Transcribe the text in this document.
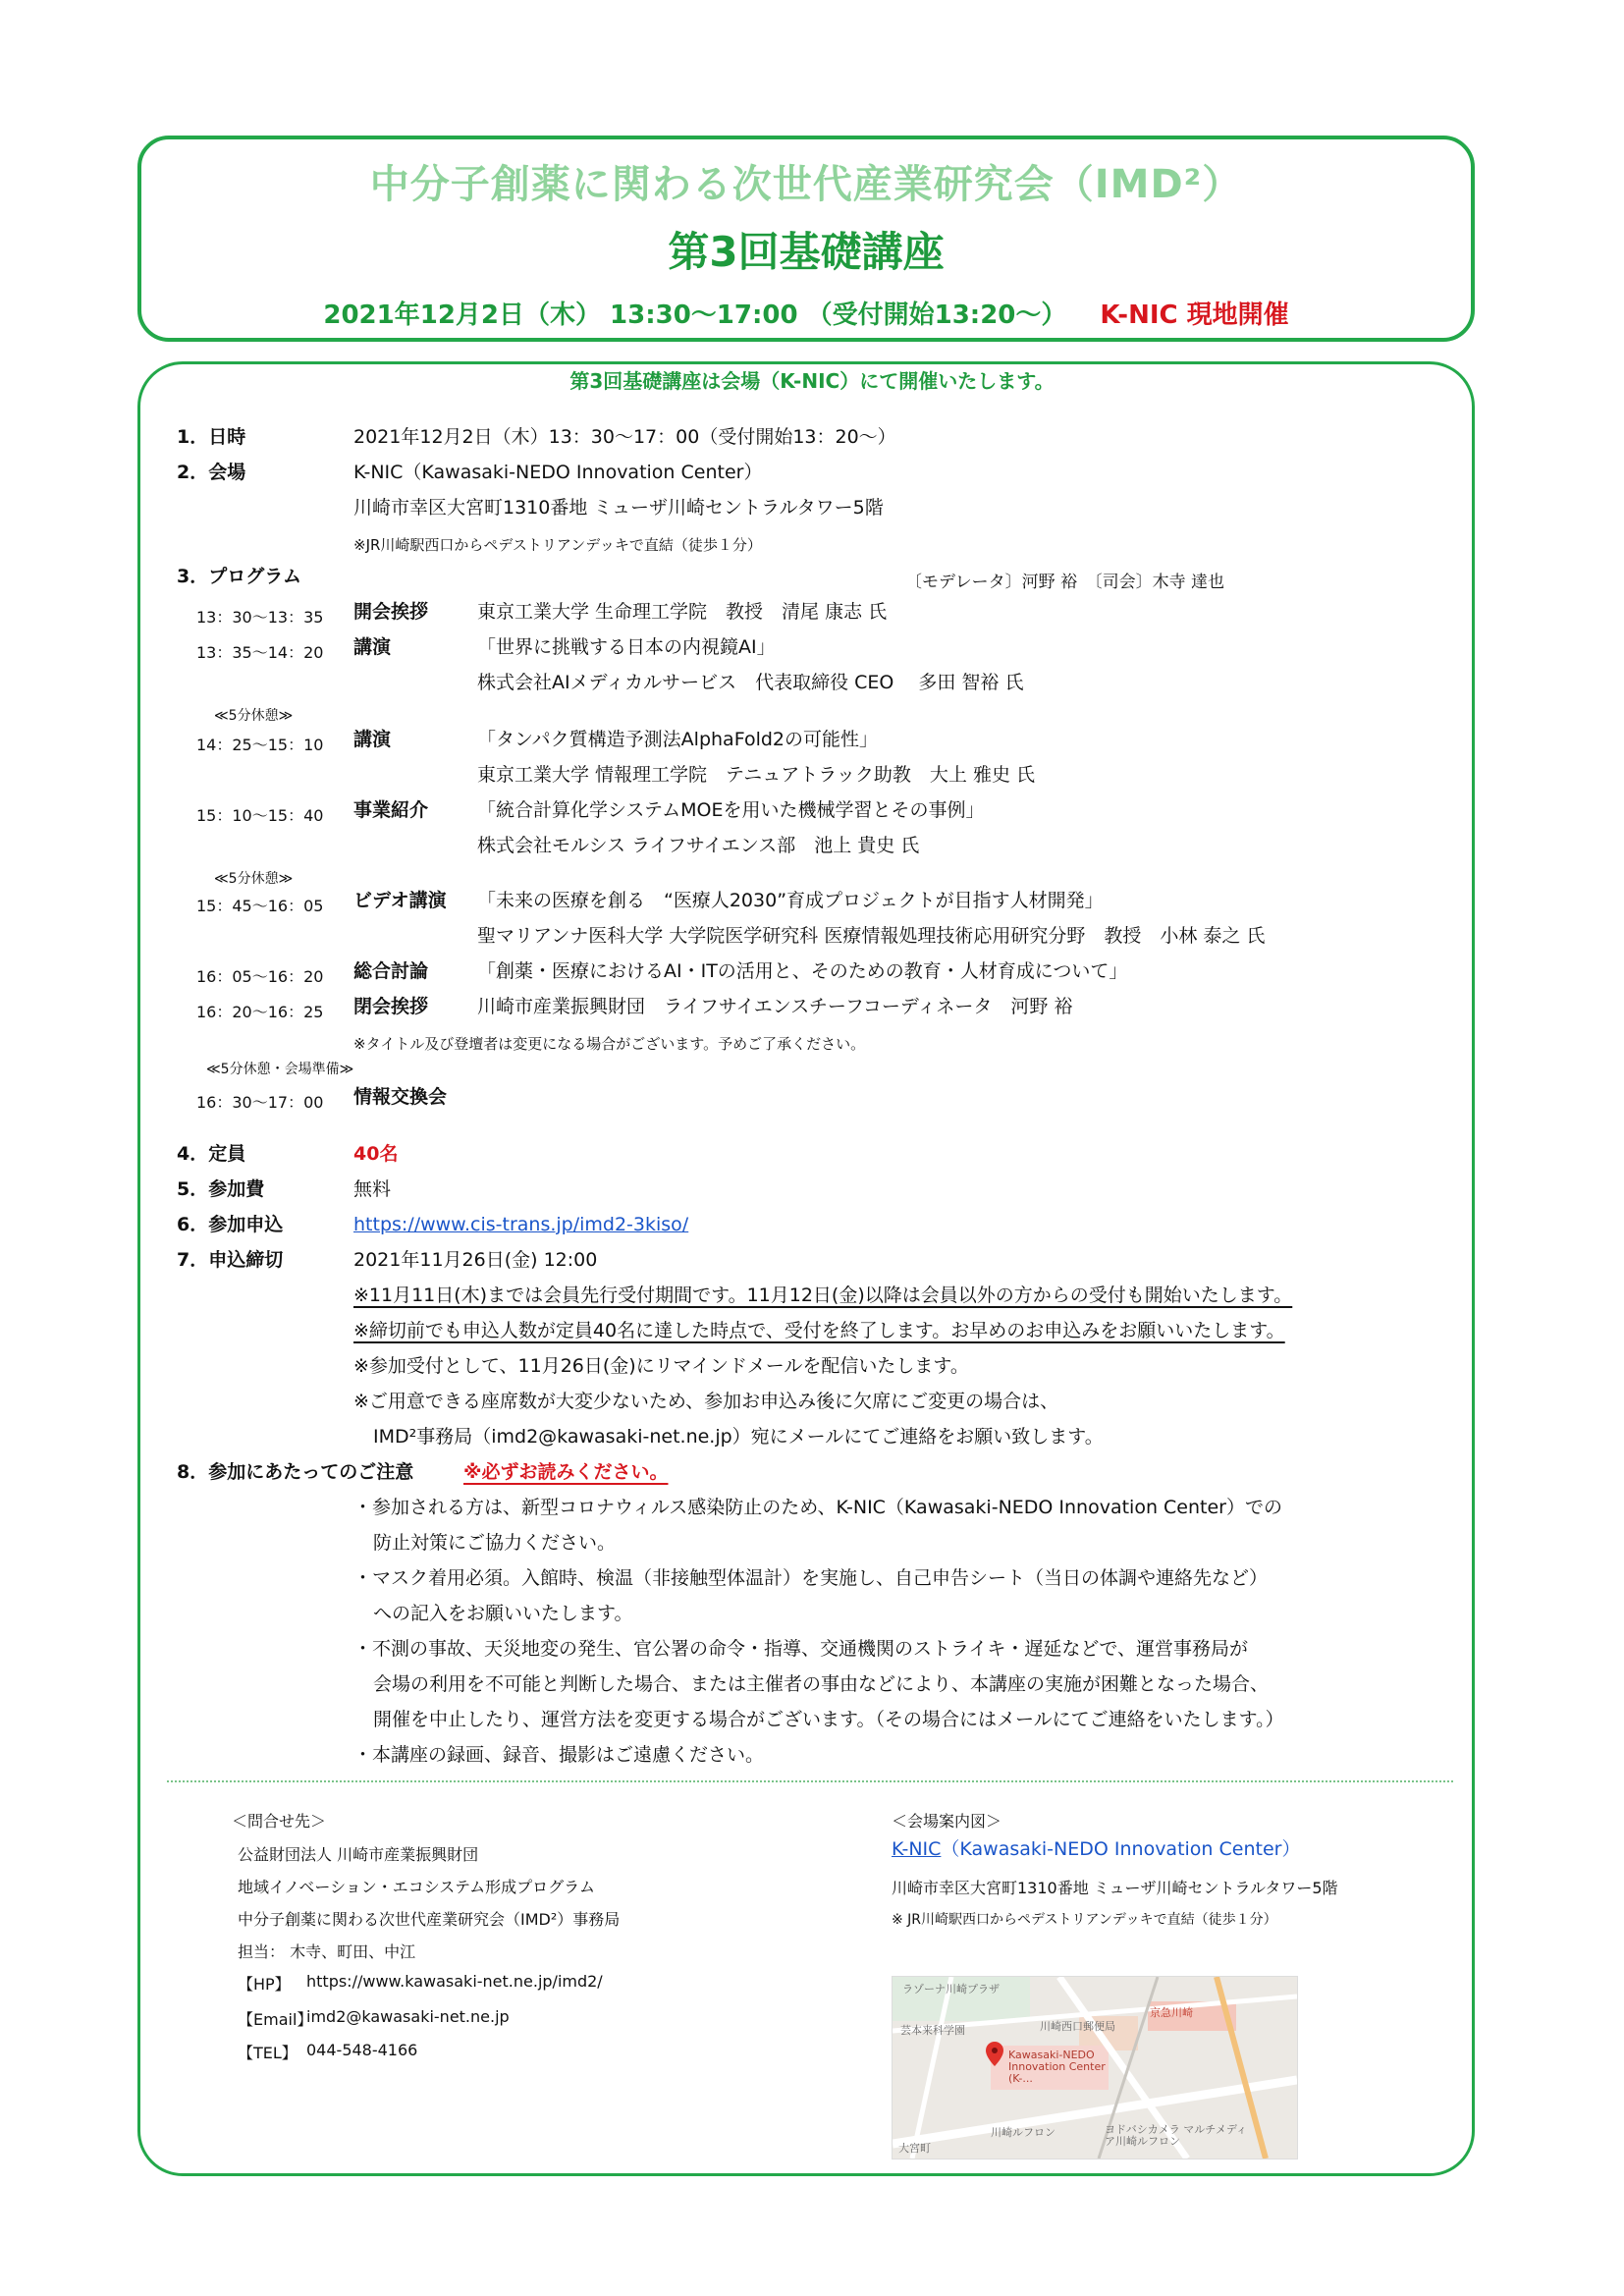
中分子創薬に関わる次世代産業研究会（IMD²）
第3回基礎講座
2021年12月2日（木） 13:30～17:00 （受付開始13:20～） K-NIC 現地開催
第3回基礎講座は会場（K-NIC）にて開催いたします。
1．日時	2021年12月2日（木）13：30～17：00（受付開始13：20～）
2．会場	K-NIC（Kawasaki-NEDO Innovation Center）
川崎市幸区大宮町1310番地 ミューザ川崎セントラルタワー5階
※JR川崎駅西口からペデストリアンデッキで直結（徒歩１分）
3．プログラム	〔モデレータ〕河野 裕　〔司会〕木寺 達也
13：30～13：35 開会挨拶	東京工業大学 生命理工学院　教授　清尾 康志 氏
13：35～14：20 講演	「世界に挑戦する日本の内視鏡AI」
株式会社AIメディカルサービス　代表取締役 CEO　 多田 智裕 氏
≪5分休憩≫
14：25～15：10 講演	「タンパク質構造予測法AlphaFold2の可能性」
東京工業大学 情報理工学院　テニュアトラック助教　大上 雅史 氏
15：10～15：40 事業紹介	「統合計算化学システムMOEを用いた機械学習とその事例」
株式会社モルシス ライフサイエンス部　池上 貴史 氏
≪5分休憩≫
15：45～16：05 ビデオ講演 「未来の医療を創る　“医療人2030”育成プロジェクトが目指す人材開発」
聖マリアンナ医科大学 大学院医学研究科 医療情報処理技術応用研究分野　教授　小林 泰之 氏
16：05～16：20 総合討論	「創薬・医療におけるAI・ITの活用と、そのための教育・人材育成について」
16：20～16：25 閉会挨拶	川崎市産業振興財団　ライフサイエンスチーフコーディネータ　河野 裕
※タイトル及び登壇者は変更になる場合がございます。予めご了承ください。
≪5分休憩・会場準備≫
16：30～17：00 情報交換会
4．定員	40名
5．参加費	無料
6．参加申込	https://www.cis-trans.jp/imd2-3kiso/
7．申込締切	2021年11月26日(金) 12:00
※11月11日(木)までは会員先行受付期間です。11月12日(金)以降は会員以外の方からの受付も開始いたします。
※締切前でも申込人数が定員40名に達した時点で、受付を終了します。お早めのお申込みをお願いいたします。
※参加受付として、11月26日(金)にリマインドメールを配信いたします。
※ご用意できる座席数が大変少ないため、参加お申込み後に欠席にご変更の場合は、
IMD²事務局（imd2@kawasaki-net.ne.jp）宛にメールにてご連絡をお願い致します。
8．参加にあたってのご注意	※必ずお読みください。
・参加される方は、新型コロナウィルス感染防止のため、K-NIC（Kawasaki-NEDO Innovation Center）での
防止対策にご協力ください。
・マスク着用必須。入館時、検温（非接触型体温計）を実施し、自己申告シート（当日の体調や連絡先など）
への記入をお願いいたします。
・不測の事故、天災地変の発生、官公署の命令・指導、交通機関のストライキ・遅延などで、運営事務局が
会場の利用を不可能と判断した場合、または主催者の事由などにより、本講座の実施が困難となった場合、
開催を中止したり、運営方法を変更する場合がございます。（その場合にはメールにてご連絡をいたします。）
・本講座の録画、録音、撮影はご遠慮ください。
＜問合せ先＞
公益財団法人 川崎市産業振興財団
地域イノベーション・エコシステム形成プログラム
中分子創薬に関わる次世代産業研究会（IMD²）事務局
担当： 木寺、町田、中江
【HP】 https://www.kawasaki-net.ne.jp/imd2/
【Email】
imd2@kawasaki-net.ne.jp
【TEL】 044-548-4166
＜会場案内図＞
K-NIC（Kawasaki-NEDO Innovation Center）
川崎市幸区大宮町1310番地 ミューザ川崎セントラルタワー5階
※ JR川崎駅西口からペデストリアンデッキで直結（徒歩１分）
ラゾーナ川崎プラザ
京急川崎
芸本来科学園
Kawasaki-NEDO Innovation Center (K-...
川崎西口郵便局
大宮町
ヨドバシカメラ マルチメディア川崎ルフロン
川崎ルフロン
